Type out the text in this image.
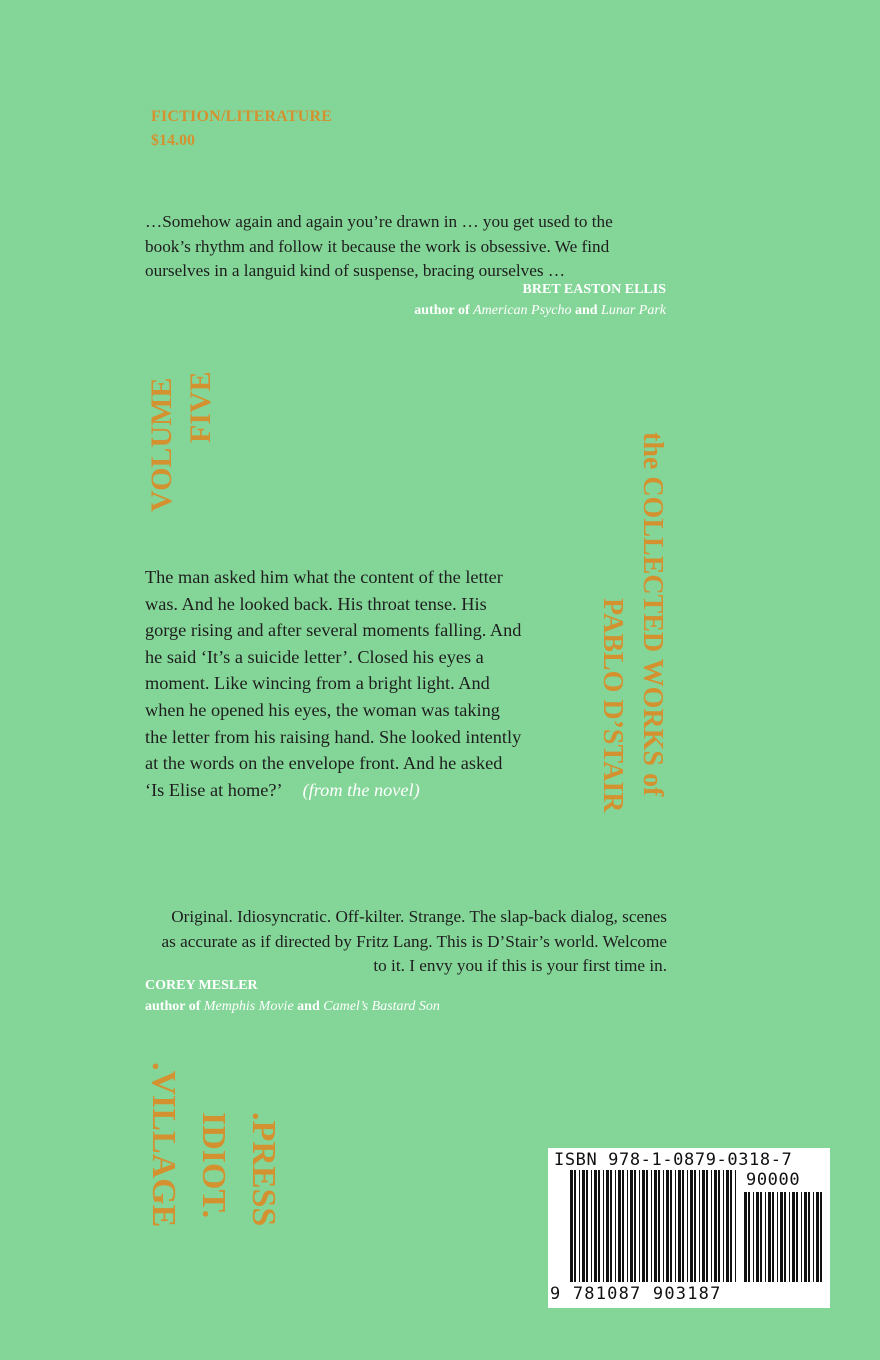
FICTION/LITERATURE
$14.00
…Somehow again and again you’re drawn in … you get used to the
book’s rhythm and follow it because the work is obsessive. We find
ourselves in a languid kind of suspense, bracing ourselves …
BRET EASTON ELLIS
author of American Psycho and Lunar Park
VOLUME FIVE
the COLLECTED WORKS of
PABLO D’STAIR
The man asked him what the content of the letter
was. And he looked back. His throat tense. His
gorge rising and after several moments falling. And
he said ‘It’s a suicide letter’. Closed his eyes a
moment. Like wincing from a bright light. And
when he opened his eyes, the woman was taking
the letter from his raising hand. She looked intently
at the words on the envelope front. And he asked
‘Is Elise at home?’ (from the novel)
Original. Idiosyncratic. Off-kilter. Strange. The slap-back dialog, scenes
as accurate as if directed by Fritz Lang. This is D’Stair’s world. Welcome
to it. I envy you if this is your first time in.
COREY MESLER
author of Memphis Movie and Camel’s Bastard Son
.VILLAGE IDIOT. .PRESS	ISBN 978-1-0879-0318-7
90000
9 781087 903187
